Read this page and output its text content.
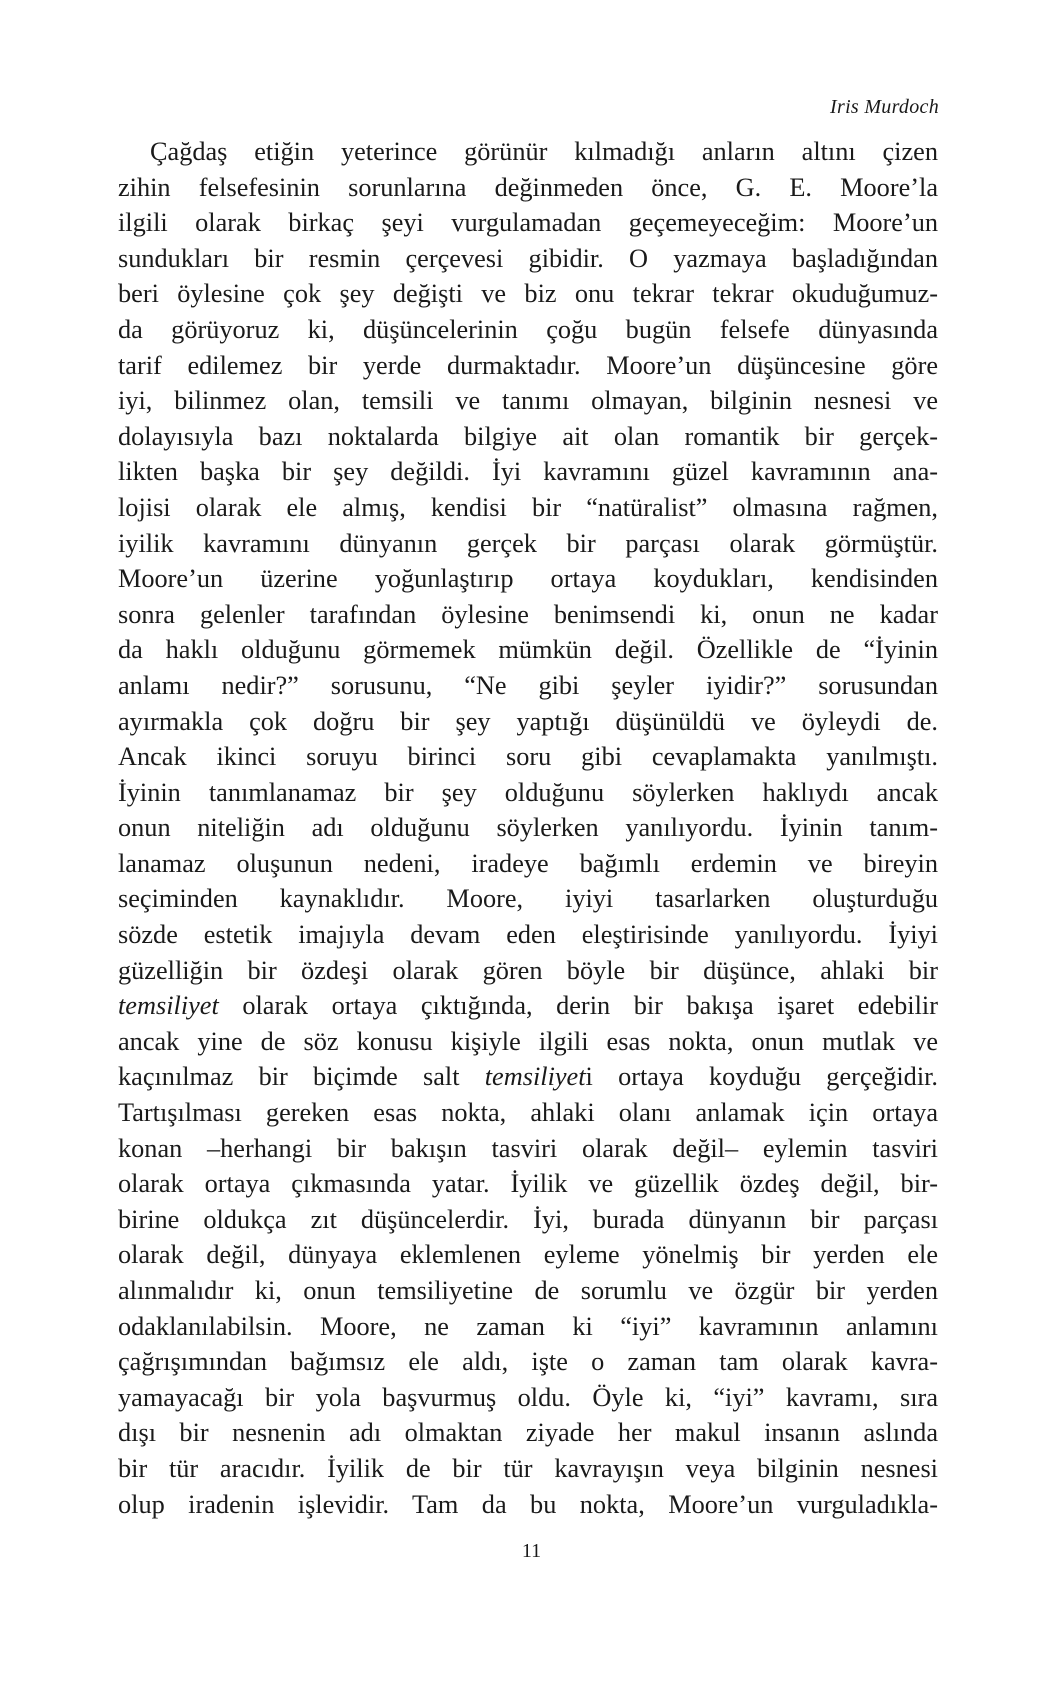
Iris Murdoch
Çağdaş etiğin yeterince görünür kılmadığı anların altını çizen
zihin felsefesinin sorunlarına değinmeden önce, G. E. Moore’la
ilgili olarak birkaç şeyi vurgulamadan geçemeyeceğim: Moore’un
sundukları bir resmin çerçevesi gibidir. O yazmaya başladığından
beri öylesine çok şey değişti ve biz onu tekrar tekrar okuduğumuz-
da görüyoruz ki, düşüncelerinin çoğu bugün felsefe dünyasında
tarif edilemez bir yerde durmaktadır. Moore’un düşüncesine göre
iyi, bilinmez olan, temsili ve tanımı olmayan, bilginin nesnesi ve
dolayısıyla bazı noktalarda bilgiye ait olan romantik bir gerçek-
likten başka bir şey değildi. İyi kavramını güzel kavramının ana-
lojisi olarak ele almış, kendisi bir “natüralist” olmasına rağmen,
iyilik kavramını dünyanın gerçek bir parçası olarak görmüştür.
Moore’un üzerine yoğunlaştırıp ortaya koydukları, kendisinden
sonra gelenler tarafından öylesine benimsendi ki, onun ne kadar
da haklı olduğunu görmemek mümkün değil. Özellikle de “İyinin
anlamı nedir?” sorusunu, “Ne gibi şeyler iyidir?” sorusundan
ayırmakla çok doğru bir şey yaptığı düşünüldü ve öyleydi de.
Ancak ikinci soruyu birinci soru gibi cevaplamakta yanılmıştı.
İyinin tanımlanamaz bir şey olduğunu söylerken haklıydı ancak
onun niteliğin adı olduğunu söylerken yanılıyordu. İyinin tanım-
lanamaz oluşunun nedeni, iradeye bağımlı erdemin ve bireyin
seçiminden kaynaklıdır. Moore, iyiyi tasarlarken oluşturduğu
sözde estetik imajıyla devam eden eleştirisinde yanılıyordu. İyiyi
güzelliğin bir özdeşi olarak gören böyle bir düşünce, ahlaki bir
temsiliyet olarak ortaya çıktığında, derin bir bakışa işaret edebilir
ancak yine de söz konusu kişiyle ilgili esas nokta, onun mutlak ve
kaçınılmaz bir biçimde salt temsiliyeti ortaya koyduğu gerçeğidir.
Tartışılması gereken esas nokta, ahlaki olanı anlamak için ortaya
konan –herhangi bir bakışın tasviri olarak değil– eylemin tasviri
olarak ortaya çıkmasında yatar. İyilik ve güzellik özdeş değil, bir-
birine oldukça zıt düşüncelerdir. İyi, burada dünyanın bir parçası
olarak değil, dünyaya eklemlenen eyleme yönelmiş bir yerden ele
alınmalıdır ki, onun temsiliyetine de sorumlu ve özgür bir yerden
odaklanılabilsin. Moore, ne zaman ki “iyi” kavramının anlamını
çağrışımından bağımsız ele aldı, işte o zaman tam olarak kavra-
yamayacağı bir yola başvurmuş oldu. Öyle ki, “iyi” kavramı, sıra
dışı bir nesnenin adı olmaktan ziyade her makul insanın aslında
bir tür aracıdır. İyilik de bir tür kavrayışın veya bilginin nesnesi
olup iradenin işlevidir. Tam da bu nokta, Moore’un vurguladıkla-
11
